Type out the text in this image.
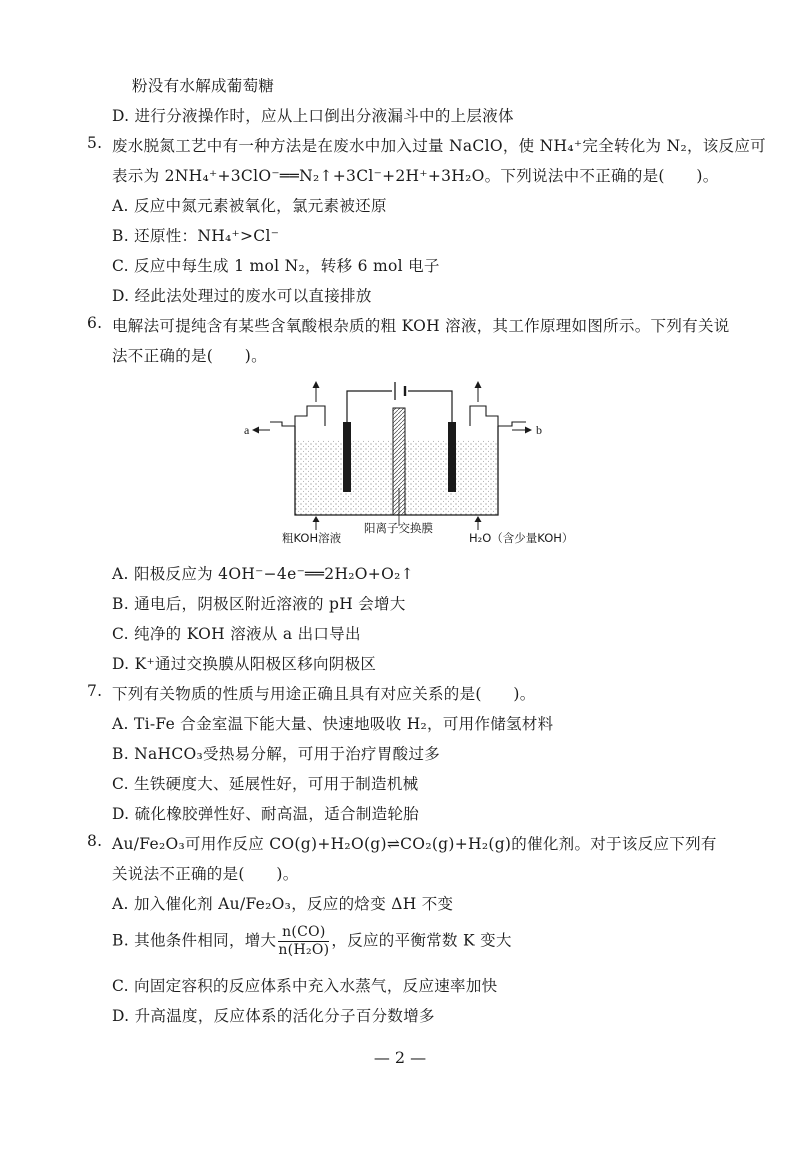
粉没有水解成葡萄糖
D. 进行分液操作时，应从上口倒出分液漏斗中的上层液体
5. 废水脱氮工艺中有一种方法是在废水中加入过量 NaClO，使 NH₄⁺完全转化为 N₂，该反应可
表示为 2NH₄⁺+3ClO⁻══N₂↑+3Cl⁻+2H⁺+3H₂O。下列说法中不正确的是(　　)。
A. 反应中氮元素被氧化，氯元素被还原
B. 还原性：NH₄⁺>Cl⁻
C. 反应中每生成 1 mol N₂，转移 6 mol 电子
D. 经此法处理过的废水可以直接排放
6. 电解法可提纯含有某些含氧酸根杂质的粗 KOH 溶液，其工作原理如图所示。下列有关说
法不正确的是(　　)。
a	b
粗KOH溶液
阳离子交换膜
H₂O（含少量KOH）
A. 阳极反应为 4OH⁻−4e⁻══2H₂O+O₂↑
B. 通电后，阴极区附近溶液的 pH 会增大
C. 纯净的 KOH 溶液从 a 出口导出
D. K⁺通过交换膜从阳极区移向阴极区
7. 下列有关物质的性质与用途正确且具有对应关系的是(　　)。
A. Ti-Fe 合金室温下能大量、快速地吸收 H₂，可用作储氢材料
B. NaHCO₃受热易分解，可用于治疗胃酸过多
C. 生铁硬度大、延展性好，可用于制造机械
D. 硫化橡胶弹性好、耐高温，适合制造轮胎
8. Au/Fe₂O₃可用作反应 CO(g)+H₂O(g)⇌CO₂(g)+H₂(g)的催化剂。对于该反应下列有
关说法不正确的是(　　)。
A. 加入催化剂 Au/Fe₂O₃，反应的焓变 ΔH 不变
B. 其他条件相同，增大 $\frac{n(CO)}{\text{n(H₂O)}}$ ，反应的平衡常数 K 变大
C. 向固定容积的反应体系中充入水蒸气，反应速率加快
D. 升高温度，反应体系的活化分子百分数增多
— 2 —
